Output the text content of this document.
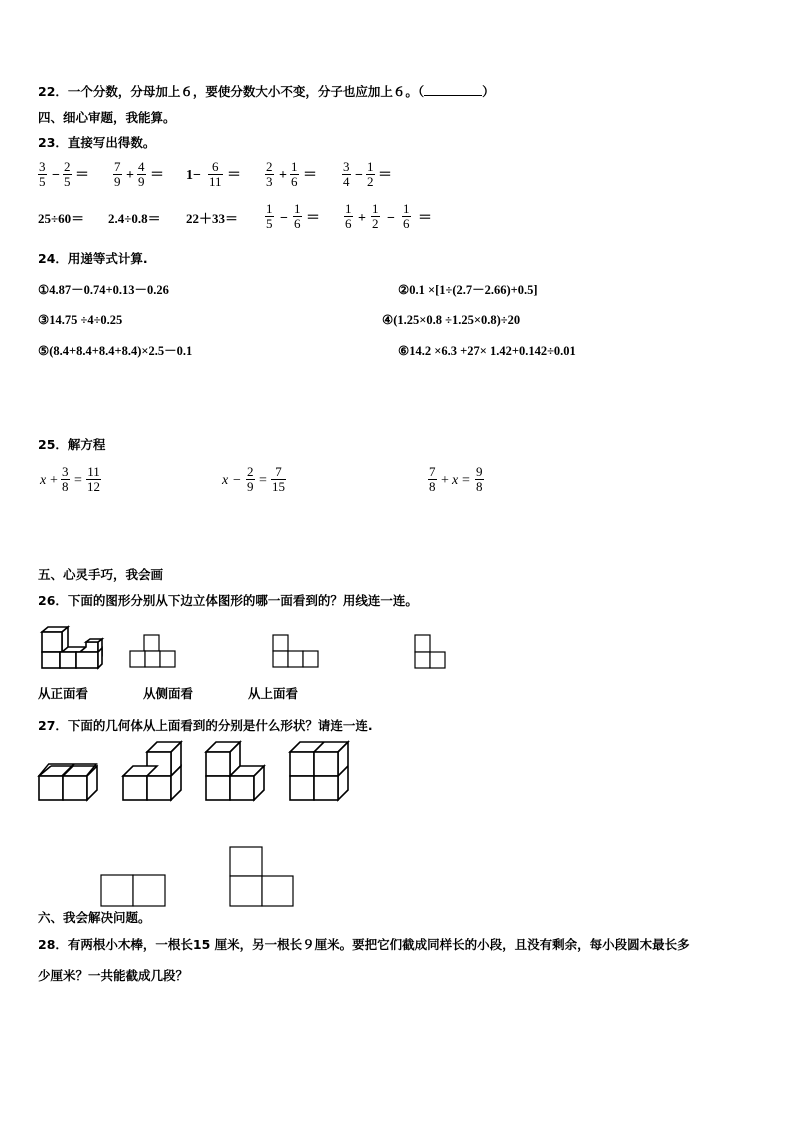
22．一个分数，分母加上６，要使分数大小不变，分子也应加上６。（	）
四、细心审题，我能算。
23．直接写出得数。
$\frac{3}{5} - \frac{2}{5} = \frac{7}{9} + \frac{4}{9} = 1- \frac{6}{11} = \frac{2}{3} + \frac{1}{6} = \frac{3}{4} - \frac{1}{2}$ ＝
$25\div 60= 2.4\div 0.8= 22+33= \frac{1}{5} - \frac{1}{6} = \frac{1}{6} + \frac{1}{2} - \frac{1}{6}$ ＝
24．用递等式计算.
①4.87－0.74+0.13－0.26	②0.1 ×[1÷(2.7－2.66)+0.5]
③14.75 ÷4÷0.25	④(1.25×0.8 ÷1.25×0.8)÷20
⑤(8.4+8.4+8.4+8.4)×2.5－0.1	⑥14.2 ×6.3 +27× 1.42+0.142÷0.01
25．解方程
$x + \frac{3}{8} = \frac{11}{12}$	$x - \frac{2}{9} = \frac{7}{15}$	$\frac{7}{8} + x = \frac{9}{8}$
五、心灵手巧，我会画
26．下面的图形分别从下边立体图形的哪一面看到的？用线连一连。
从正面看	从侧面看	从上面看
27．下面的几何体从上面看到的分别是什么形状？请连一连.
六、我会解决问题。
28．有两根小木棒，一根长15 厘米，另一根长９厘米。要把它们截成同样长的小段，且没有剩余，每小段圆木最长多
少厘米？一共能截成几段？
